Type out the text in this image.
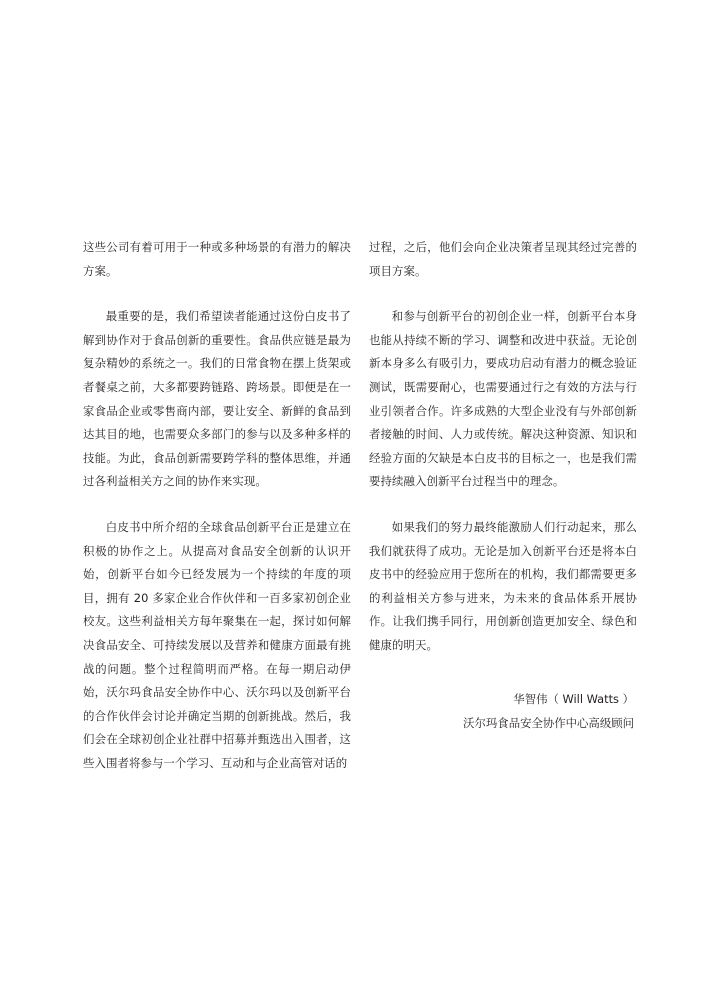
这些公司有着可用于一种或多种场景的有潜力的解决方案。

最重要的是，我们希望读者能通过这份白皮书了解到协作对于食品创新的重要性。食品供应链是最为复杂精妙的系统之一。我们的日常食物在摆上货架或者餐桌之前，大多都要跨链路、跨场景。即便是在一家食品企业或零售商内部，要让安全、新鲜的食品到达其目的地，也需要众多部门的参与以及多种多样的技能。为此，食品创新需要跨学科的整体思维，并通过各利益相关方之间的协作来实现。

白皮书中所介绍的全球食品创新平台正是建立在积极的协作之上。从提高对食品安全创新的认识开始，创新平台如今已经发展为一个持续的年度的项目，拥有 20 多家企业合作伙伴和一百多家初创企业校友。这些利益相关方每年聚集在一起，探讨如何解决食品安全、可持续发展以及营养和健康方面最有挑战的问题。整个过程简明而严格。在每一期启动伊始，沃尔玛食品安全协作中心、沃尔玛以及创新平台的合作伙伴会讨论并确定当期的创新挑战。然后，我们会在全球初创企业社群中招募并甄选出入围者，这些入围者将参与一个学习、互动和与企业高管对话的

过程，之后，他们会向企业决策者呈现其经过完善的项目方案。

和参与创新平台的初创企业一样，创新平台本身也能从持续不断的学习、调整和改进中获益。无论创新本身多么有吸引力，要成功启动有潜力的概念验证测试，既需要耐心，也需要通过行之有效的方法与行业引领者合作。许多成熟的大型企业没有与外部创新者接触的时间、人力或传统。解决这种资源、知识和经验方面的欠缺是本白皮书的目标之一，也是我们需要持续融入创新平台过程当中的理念。

如果我们的努力最终能激励人们行动起来，那么我们就获得了成功。无论是加入创新平台还是将本白皮书中的经验应用于您所在的机构，我们都需要更多的利益相关方参与进来，为未来的食品体系开展协作。让我们携手同行，用创新创造更加安全、绿色和健康的明天。

华智伟（ Will Watts ）
沃尔玛食品安全协作中心高级顾问
